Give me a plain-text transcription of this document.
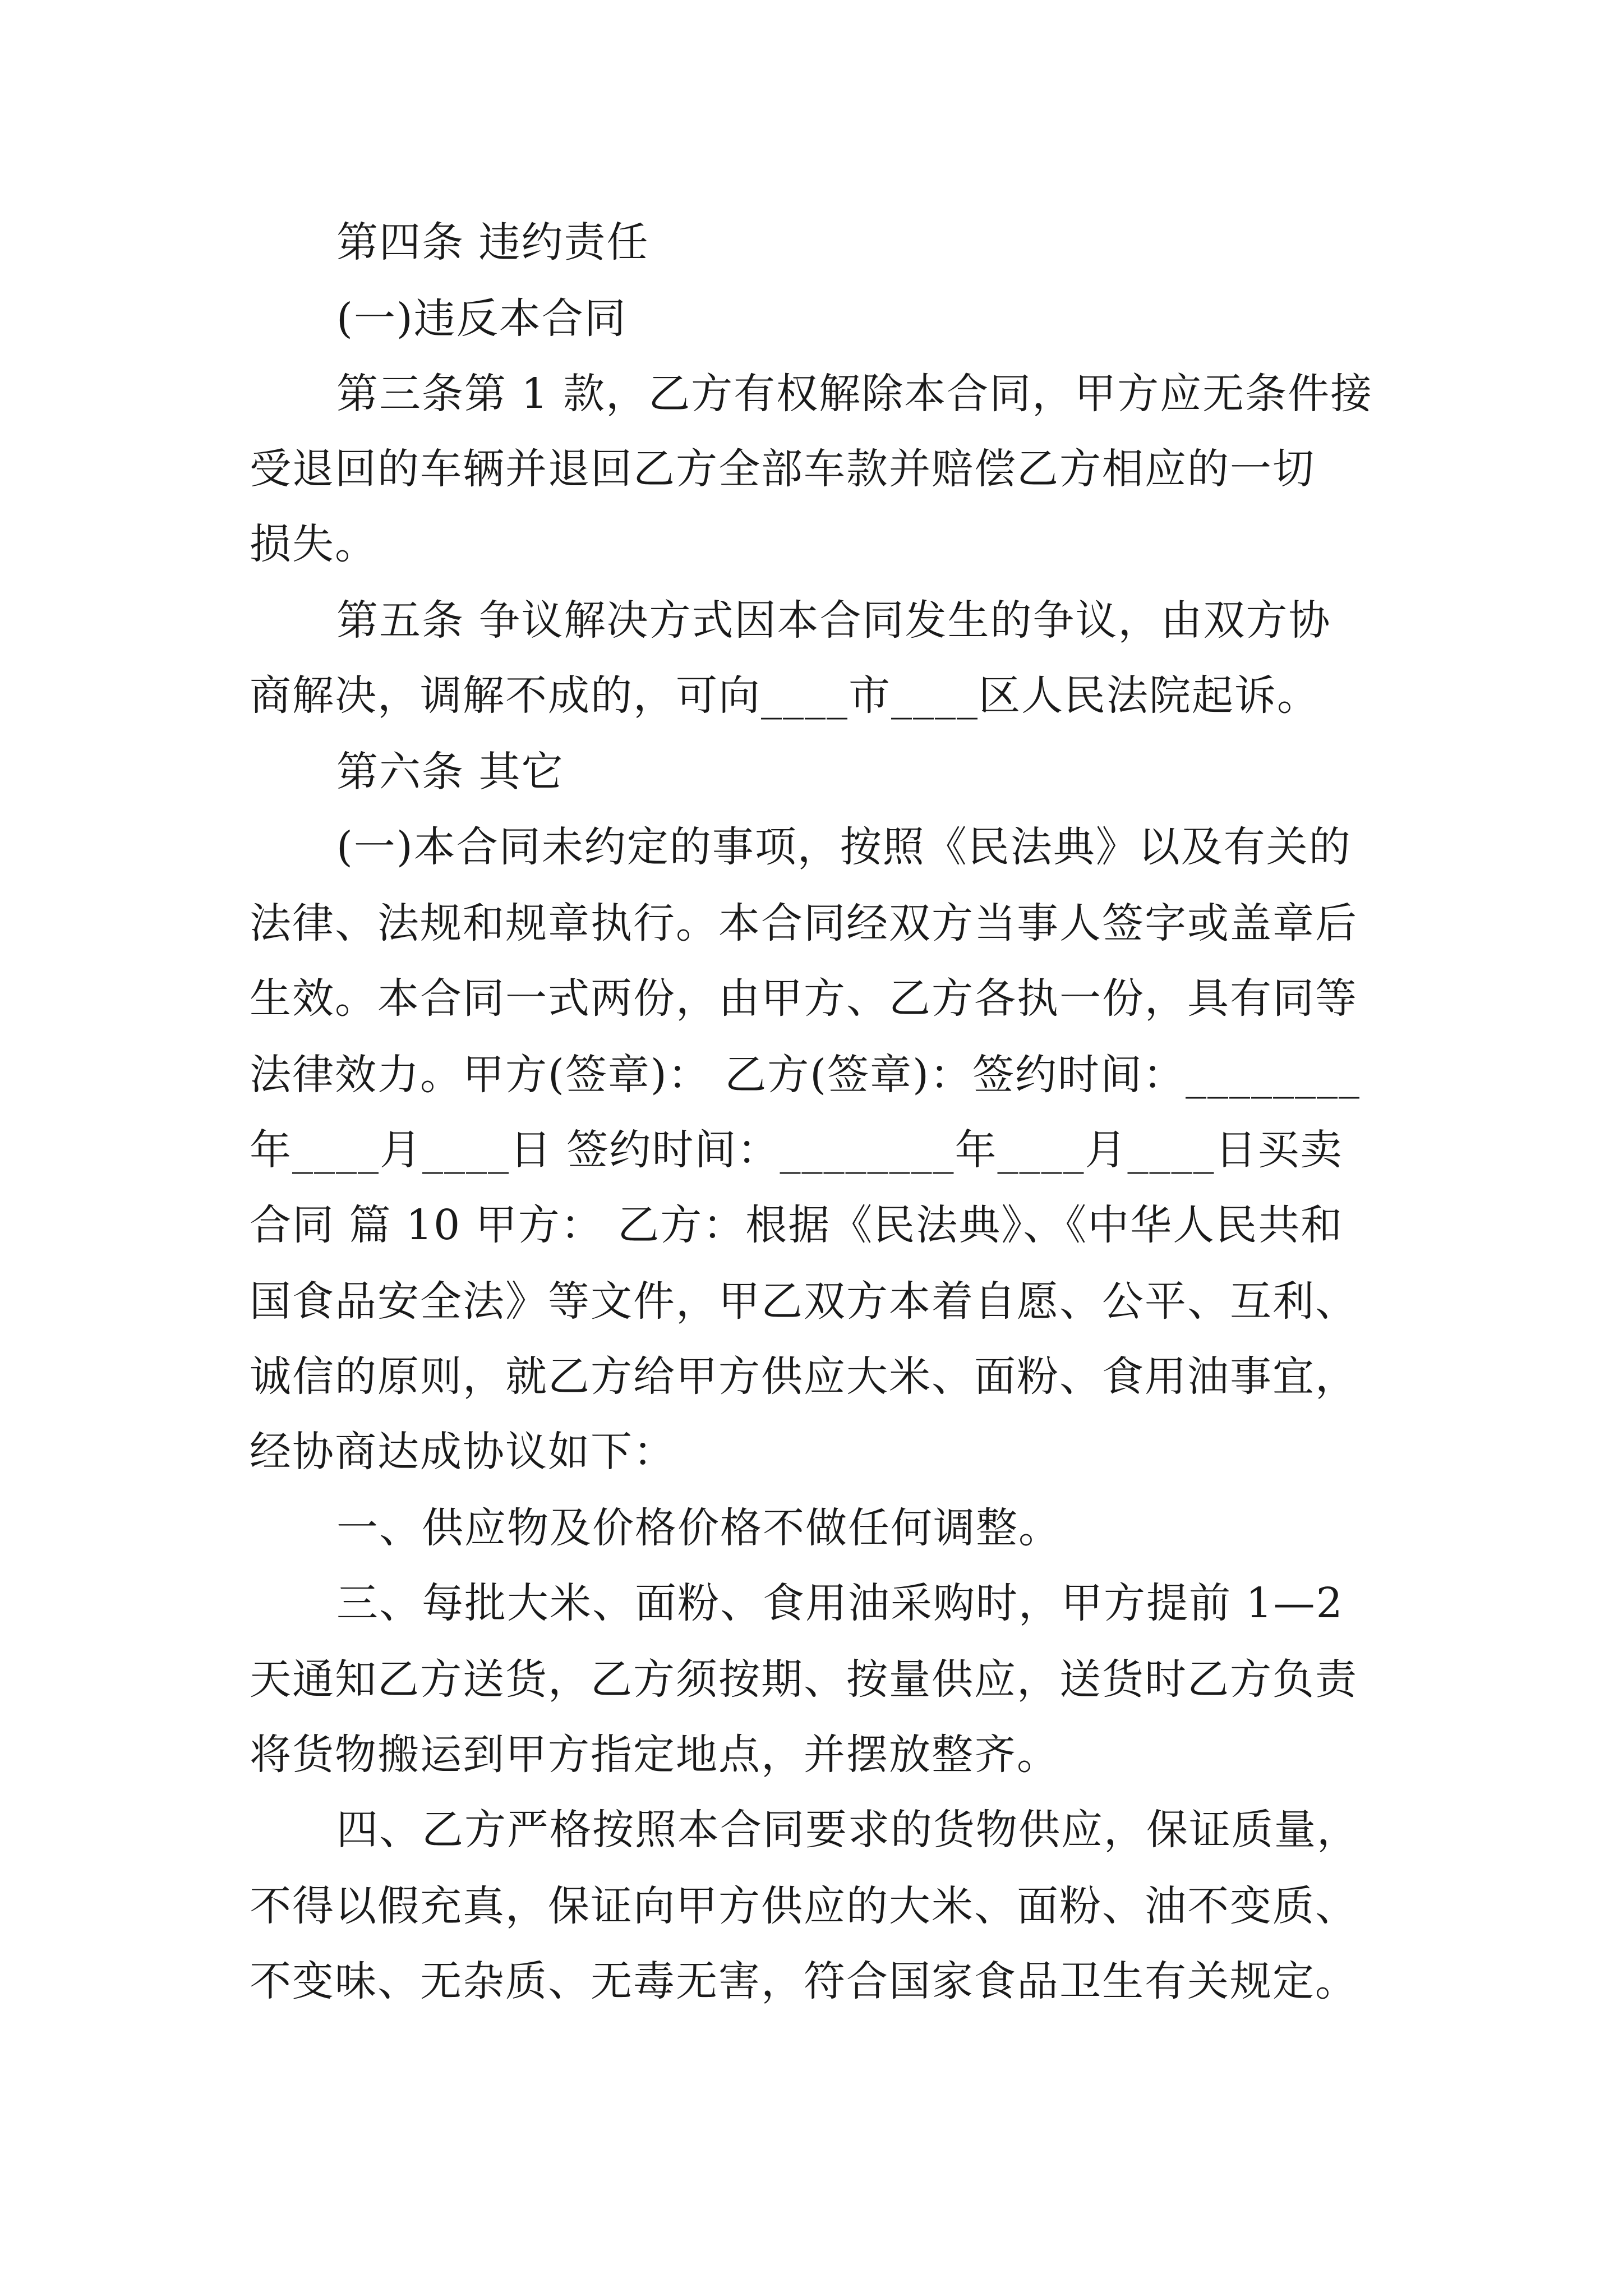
第四条 违约责任
(一)违反本合同
第三条第 1 款，乙方有权解除本合同，甲方应无条件接
受退回的车辆并退回乙方全部车款并赔偿乙方相应的一切
损失。
第五条 争议解决方式因本合同发生的争议，由双方协
商解决，调解不成的，可向____市____区人民法院起诉。
第六条 其它
(一)本合同未约定的事项，按照《民法典》以及有关的
法律、法规和规章执行。本合同经双方当事人签字或盖章后
生效。本合同一式两份，由甲方、乙方各执一份，具有同等
法律效力。甲方(签章)： 乙方(签章)：签约时间：________
年____月____日 签约时间：________年____月____日买卖
合同 篇 10 甲方： 乙方：根据《民法典》、《中华人民共和
国食品安全法》等文件，甲乙双方本着自愿、公平、互利、
诚信的原则，就乙方给甲方供应大米、面粉、食用油事宜，
经协商达成协议如下：
一、供应物及价格价格不做任何调整。
三、每批大米、面粉、食用油采购时，甲方提前 1—2
天通知乙方送货，乙方须按期、按量供应，送货时乙方负责
将货物搬运到甲方指定地点，并摆放整齐。
四、乙方严格按照本合同要求的货物供应，保证质量，
不得以假充真，保证向甲方供应的大米、面粉、油不变质、
不变味、无杂质、无毒无害，符合国家食品卫生有关规定。
